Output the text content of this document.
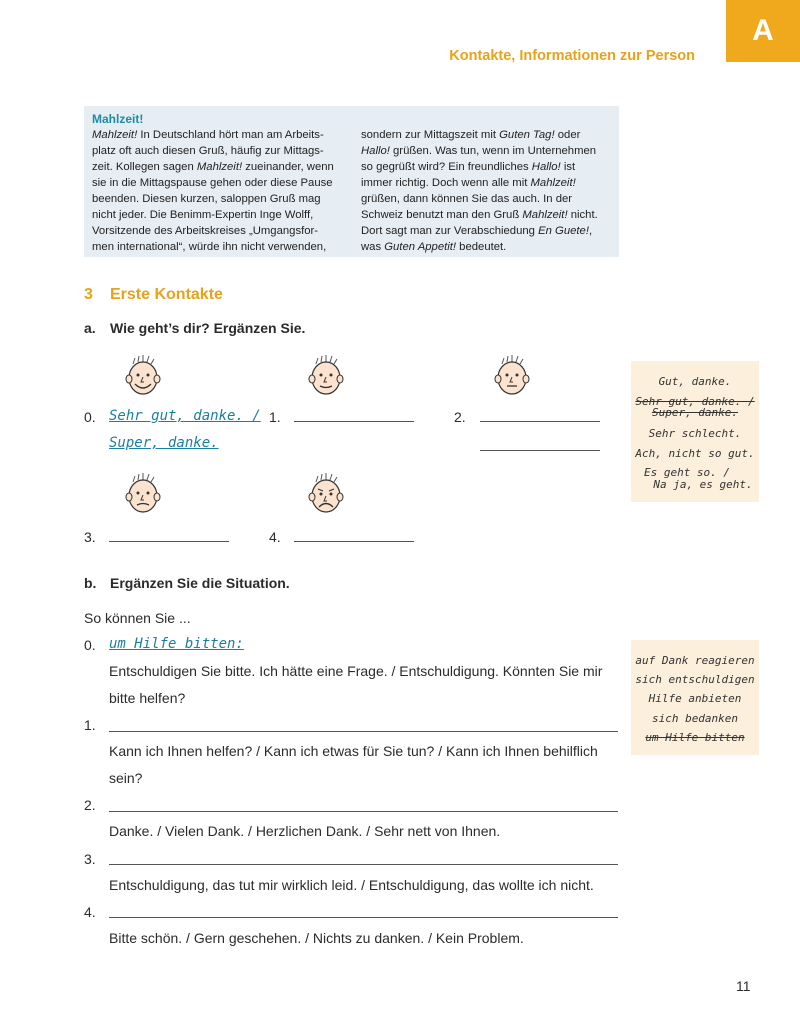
A
Kontakte, Informationen zur Person
Mahlzeit!
Mahlzeit! In Deutschland hört man am Arbeits-
platz oft auch diesen Gruß, häufig zur Mittags-
zeit. Kollegen sagen Mahlzeit! zueinander, wenn
sie in die Mittagspause gehen oder diese Pause
beenden. Diesen kurzen, saloppen Gruß mag
nicht jeder. Die Benimm-Expertin Inge Wolff,
Vorsitzende des Arbeitskreises „Umgangsfor-
men international“, würde ihn nicht verwenden,
sondern zur Mittagszeit mit Guten Tag! oder
Hallo! grüßen. Was tun, wenn im Unternehmen
so gegrüßt wird? Ein freundliches Hallo! ist
immer richtig. Doch wenn alle mit Mahlzeit!
grüßen, dann können Sie das auch. In der
Schweiz benutzt man den Gruß Mahlzeit! nicht.
Dort sagt man zur Verabschiedung En Guete!,
was Guten Appetit! bedeutet.
3 Erste Kontakte
a. Wie geht’s dir? Ergänzen Sie.
0. Sehr gut, danke. /
Super, danke.
1.	2.
3.	4.
Gut, danke.
Sehr gut, danke. /
Super, danke.
Sehr schlecht.
Ach, nicht so gut.
Es geht so. /
Na ja, es geht.
b. Ergänzen Sie die Situation.
So können Sie ...
0. um Hilfe bitten:
Entschuldigen Sie bitte. Ich hätte eine Frage. / Entschuldigung. Könnten Sie mir
bitte helfen?
1.
Kann ich Ihnen helfen? / Kann ich etwas für Sie tun? / Kann ich Ihnen behilflich
sein?
2.
Danke. / Vielen Dank. / Herzlichen Dank. / Sehr nett von Ihnen.
3.
Entschuldigung, das tut mir wirklich leid. / Entschuldigung, das wollte ich nicht.
4.
Bitte schön. / Gern geschehen. / Nichts zu danken. / Kein Problem.
auf Dank reagieren
sich entschuldigen
Hilfe anbieten
sich bedanken
um Hilfe bitten
11
